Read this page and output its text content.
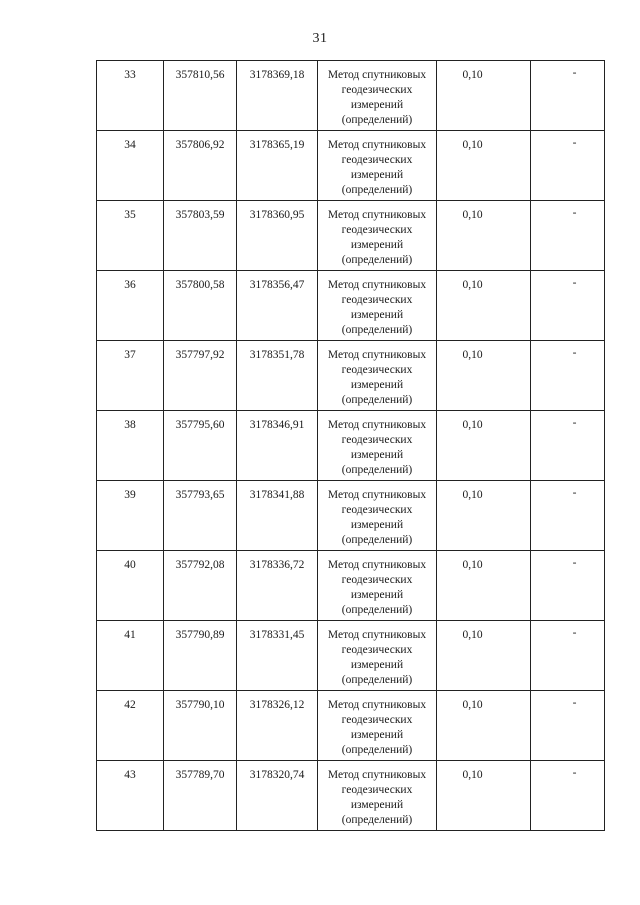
31
33	357810,56	3178369,18	Метод спутниковых
геодезических
измерений
(определений)	0,10	-

34	357806,92	3178365,19	Метод спутниковых
геодезических
измерений
(определений)	0,10	-

35	357803,59	3178360,95	Метод спутниковых
геодезических
измерений
(определений)	0,10	-

36	357800,58	3178356,47	Метод спутниковых
геодезических
измерений
(определений)	0,10	-

37	357797,92	3178351,78	Метод спутниковых
геодезических
измерений
(определений)	0,10	-

38	357795,60	3178346,91	Метод спутниковых
геодезических
измерений
(определений)	0,10	-

39	357793,65	3178341,88	Метод спутниковых
геодезических
измерений
(определений)	0,10	-

40	357792,08	3178336,72	Метод спутниковых
геодезических
измерений
(определений)	0,10	-

41	357790,89	3178331,45	Метод спутниковых
геодезических
измерений
(определений)	0,10	-

42	357790,10	3178326,12	Метод спутниковых
геодезических
измерений
(определений)	0,10	-

43	357789,70	3178320,74	Метод спутниковых
геодезических
измерений
(определений)	0,10	-
